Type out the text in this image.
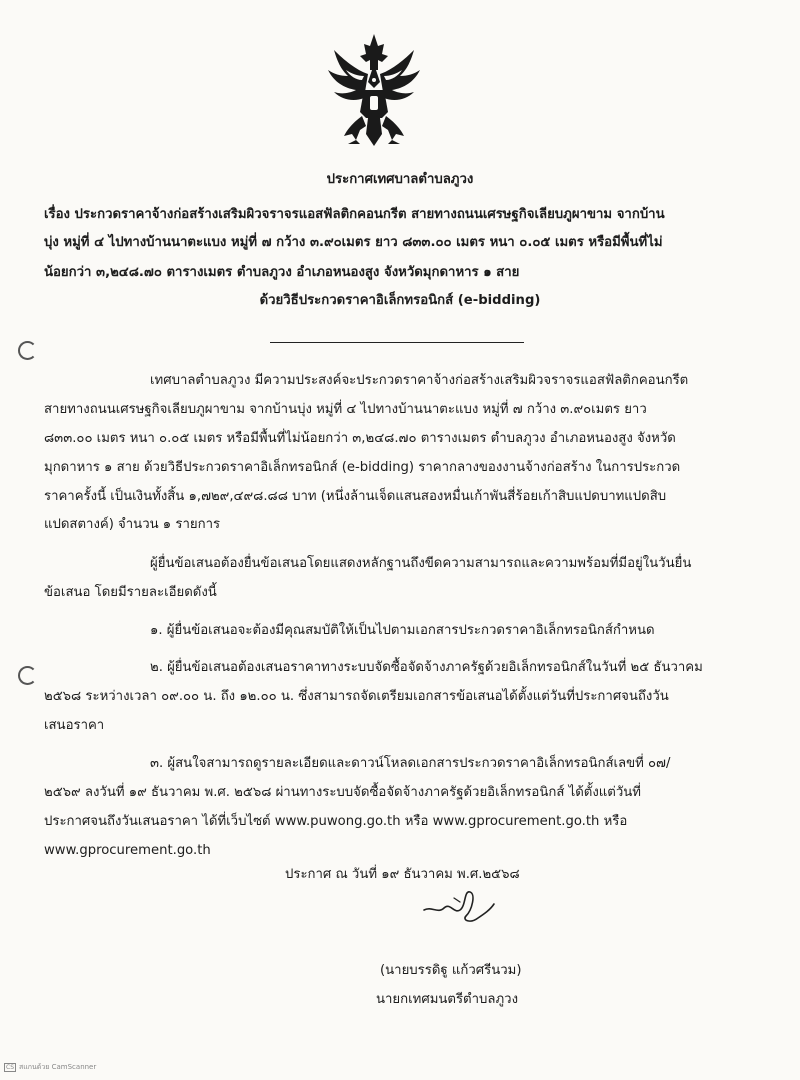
ประกาศเทศบาลตำบลภูวง
เรื่อง ประกวดราคาจ้างก่อสร้างเสริมผิวจราจรแอสฟัลติกคอนกรีต สายทางถนนเศรษฐกิจเลียบภูผาขาม จากบ้าน
บุ่ง หมู่ที่ ๔ ไปทางบ้านนาตะแบง หมู่ที่ ๗ กว้าง ๓.๙๐เมตร ยาว ๘๓๓.๐๐ เมตร หนา ๐.๐๕ เมตร หรือมีพื้นที่ไม่
น้อยกว่า ๓,๒๔๘.๗๐ ตารางเมตร ตำบลภูวง อำเภอหนองสูง จังหวัดมุกดาหาร ๑ สาย
ด้วยวิธีประกวดราคาอิเล็กทรอนิกส์ (e-bidding)
เทศบาลตำบลภูวง มีความประสงค์จะประกวดราคาจ้างก่อสร้างเสริมผิวจราจรแอสฟัลติกคอนกรีต
สายทางถนนเศรษฐกิจเลียบภูผาขาม จากบ้านบุ่ง หมู่ที่ ๔ ไปทางบ้านนาตะแบง หมู่ที่ ๗ กว้าง ๓.๙๐เมตร ยาว
๘๓๓.๐๐ เมตร หนา ๐.๐๕ เมตร หรือมีพื้นที่ไม่น้อยกว่า ๓,๒๔๘.๗๐ ตารางเมตร ตำบลภูวง อำเภอหนองสูง จังหวัด
มุกดาหาร ๑ สาย ด้วยวิธีประกวดราคาอิเล็กทรอนิกส์ (e-bidding) ราคากลางของงานจ้างก่อสร้าง ในการประกวด
ราคาครั้งนี้ เป็นเงินทั้งสิ้น ๑,๗๒๙,๔๙๘.๘๘ บาท (หนึ่งล้านเจ็ดแสนสองหมื่นเก้าพันสี่ร้อยเก้าสิบแปดบาทแปดสิบ
แปดสตางค์) จำนวน ๑ รายการ
ผู้ยื่นข้อเสนอต้องยื่นข้อเสนอโดยแสดงหลักฐานถึงขีดความสามารถและความพร้อมที่มีอยู่ในวันยื่น
ข้อเสนอ โดยมีรายละเอียดดังนี้
๑. ผู้ยื่นข้อเสนอจะต้องมีคุณสมบัติให้เป็นไปตามเอกสารประกวดราคาอิเล็กทรอนิกส์กำหนด
๒. ผู้ยื่นข้อเสนอต้องเสนอราคาทางระบบจัดซื้อจัดจ้างภาครัฐด้วยอิเล็กทรอนิกส์ในวันที่ ๒๕ ธันวาคม
๒๕๖๘ ระหว่างเวลา ๐๙.๐๐ น. ถึง ๑๒.๐๐ น. ซึ่งสามารถจัดเตรียมเอกสารข้อเสนอได้ตั้งแต่วันที่ประกาศจนถึงวัน
เสนอราคา
๓. ผู้สนใจสามารถดูรายละเอียดและดาวน์โหลดเอกสารประกวดราคาอิเล็กทรอนิกส์เลขที่ ๐๗/
๒๕๖๙ ลงวันที่ ๑๙ ธันวาคม พ.ศ. ๒๕๖๘ ผ่านทางระบบจัดซื้อจัดจ้างภาครัฐด้วยอิเล็กทรอนิกส์ ได้ตั้งแต่วันที่
ประกาศจนถึงวันเสนอราคา ได้ที่เว็บไซต์ www.puwong.go.th หรือ www.gprocurement.go.th หรือ
www.gprocurement.go.th
ประกาศ ณ วันที่ ๑๙ ธันวาคม พ.ศ.๒๕๖๘
(นายบรรดิฐู แก้วศรีนวม)
นายกเทศมนตรีตำบลภูวง
CS สแกนด้วย CamScanner
